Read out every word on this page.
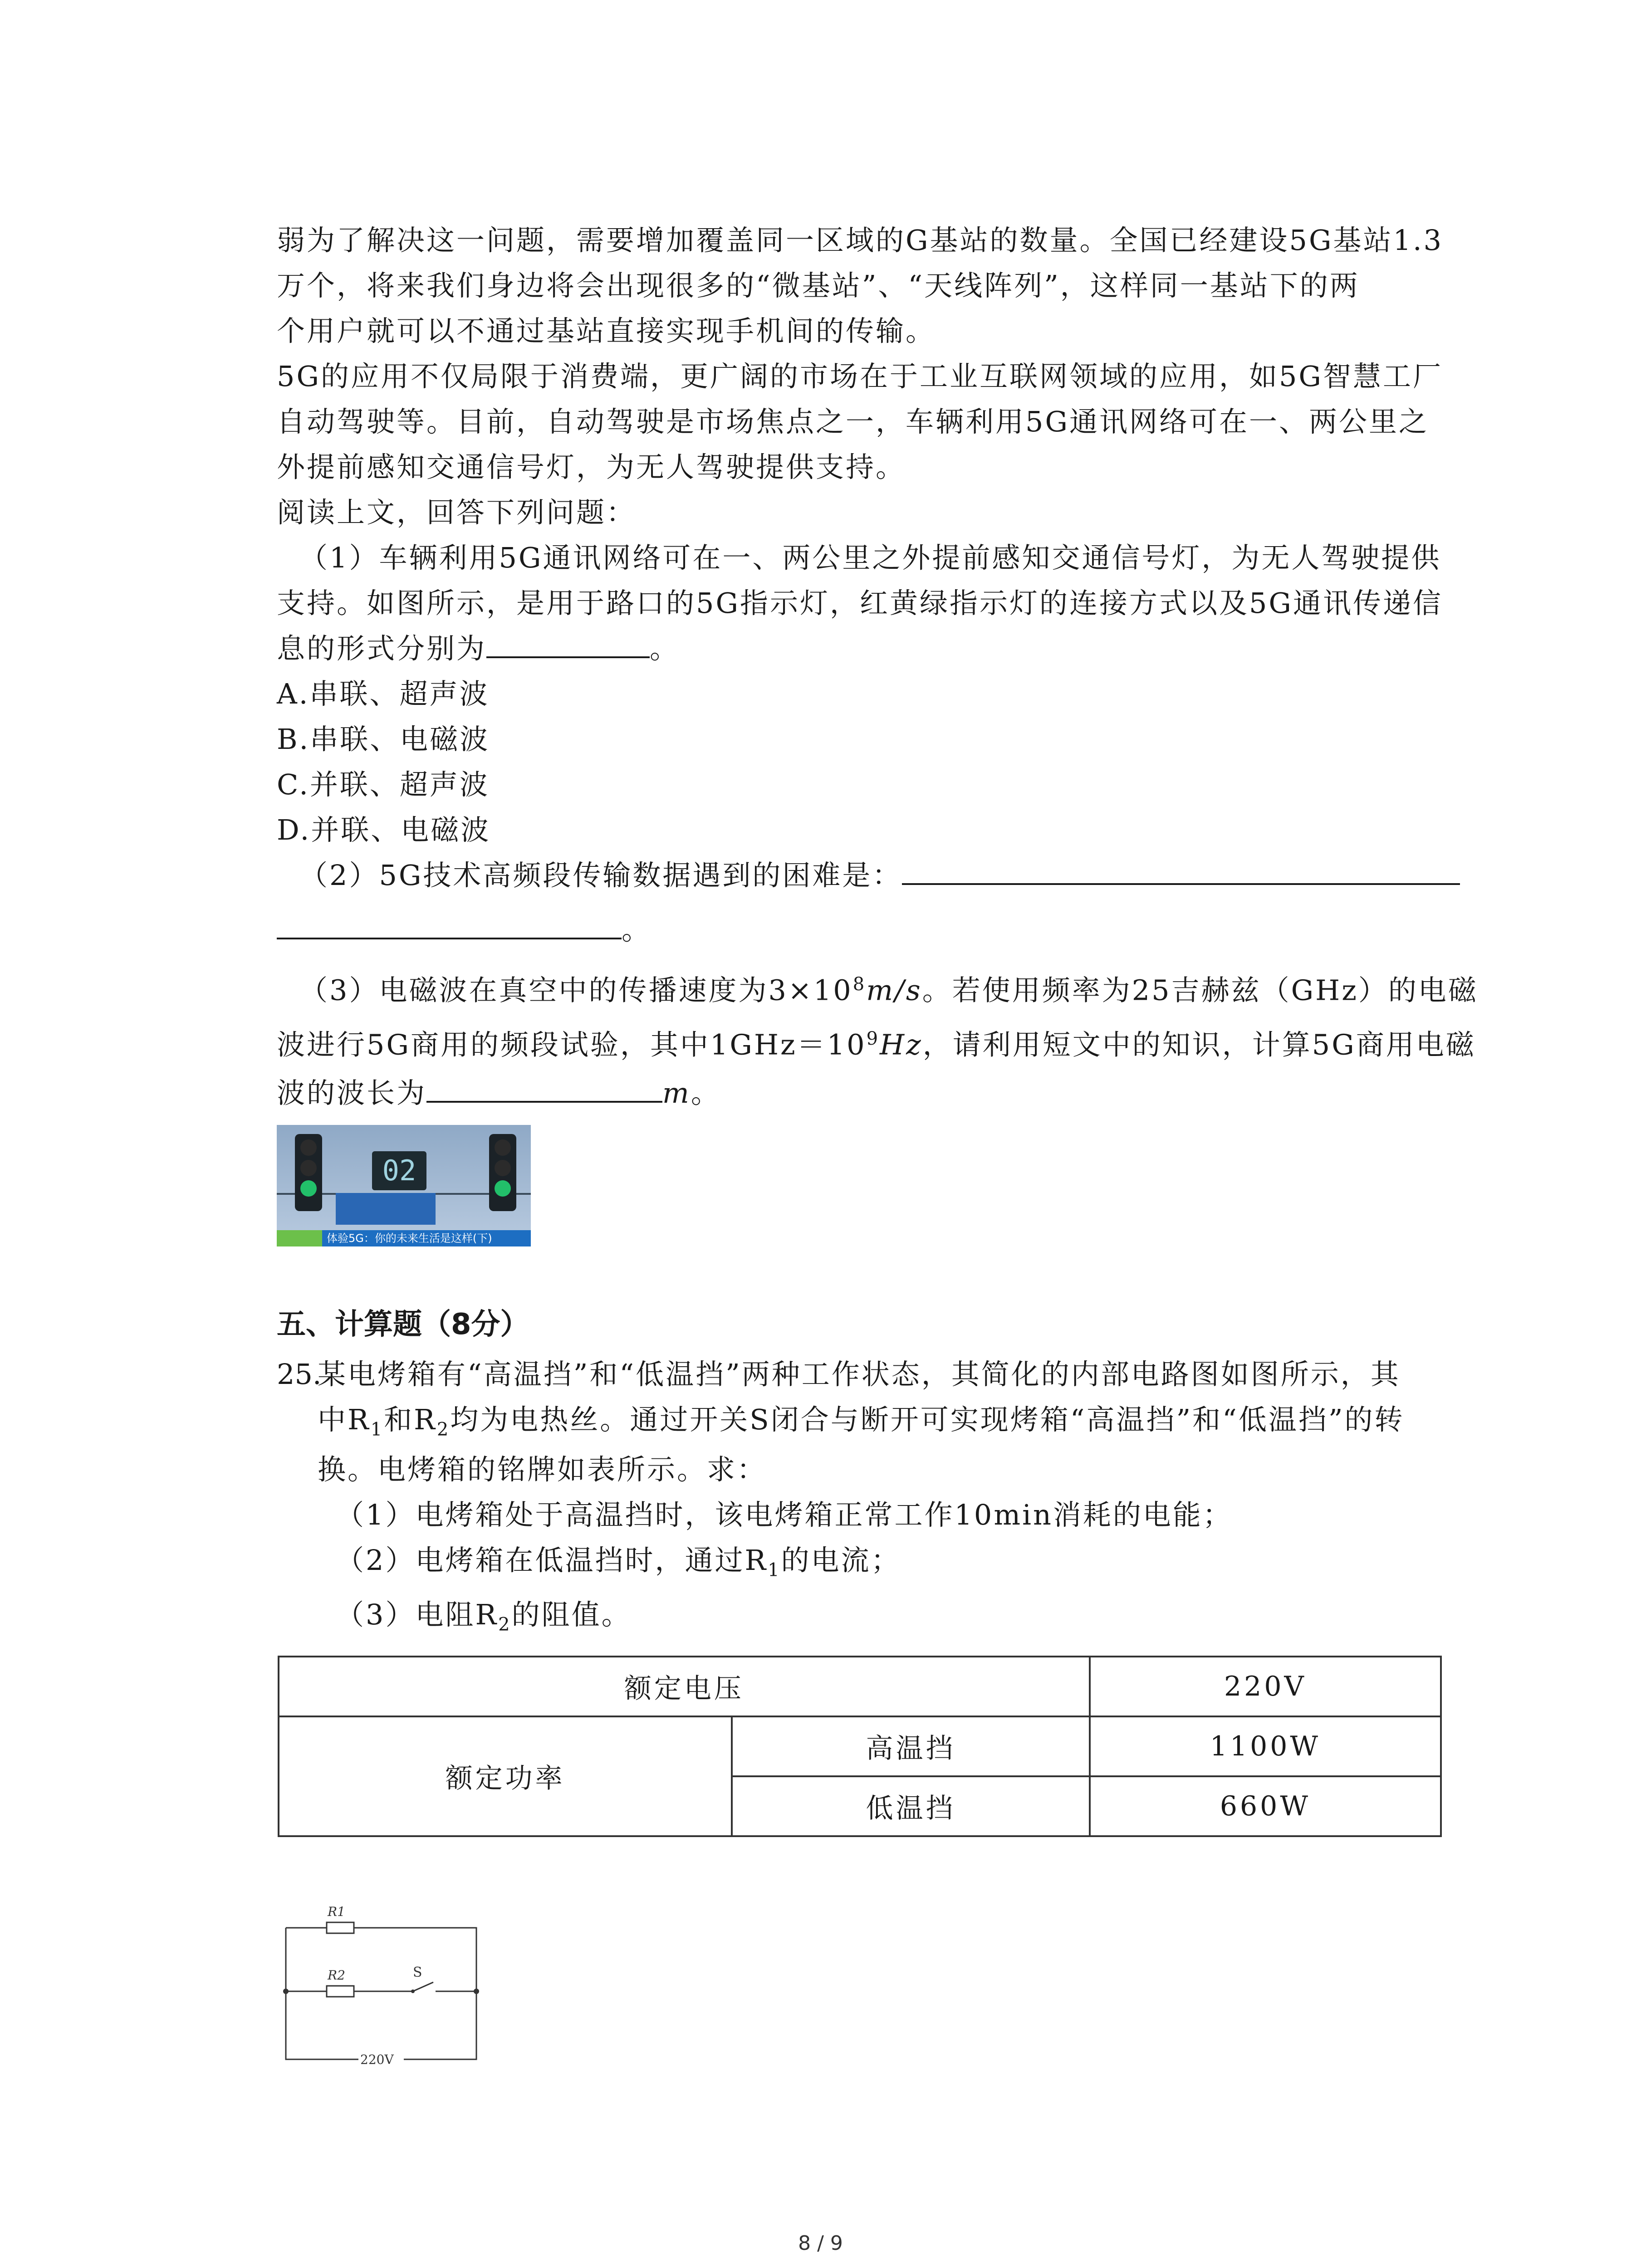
弱为了解决这一问题，需要增加覆盖同一区域的G基站的数量。全国已经建设5G基站1.3
万个，将来我们身边将会出现很多的“微基站”、“天线阵列”，这样同一基站下的两
个用户就可以不通过基站直接实现手机间的传输。
5G的应用不仅局限于消费端，更广阔的市场在于工业互联网领域的应用，如5G智慧工厂
自动驾驶等。目前，自动驾驶是市场焦点之一，车辆利用5G通讯网络可在一、两公里之
外提前感知交通信号灯，为无人驾驶提供支持。
阅读上文，回答下列问题：
（1）车辆利用5G通讯网络可在一、两公里之外提前感知交通信号灯，为无人驾驶提供
支持。如图所示，是用于路口的5G指示灯，红黄绿指示灯的连接方式以及5G通讯传递信
息的形式分别为	。
A.串联、超声波
B.串联、电磁波
C.并联、超声波
D.并联、电磁波
（2）5G技术高频段传输数据遇到的困难是：
。
（3）电磁波在真空中的传播速度为$3\times 10^8m/s$。若使用频率为25吉赫兹（GHz）的电磁
波进行5G商用的频段试验，其中$1GHz=10^9Hz$，请利用短文中的知识，计算5G商用电磁
波的波长为	m。
02
体验5G：你的未来生活是这样(下)
五、计算题（8分）
25.
某电烤箱有“高温挡”和“低温挡”两种工作状态，其简化的内部电路图如图所示，其
中$R_1$和$R_2$均为电热丝。通过开关S闭合与断开可实现烤箱“高温挡”和“低温挡”的转
换。电烤箱的铭牌如表所示。求：
（1）电烤箱处于高温挡时，该电烤箱正常工作10min消耗的电能；
（2）电烤箱在低温挡时，通过$R_1$的电流；
（3）电阻$R_2$的阻值。
额定电压		220V
额定功率	高温挡	1100W
	低温挡	660W
R1
R2	S
220V
8 / 9
